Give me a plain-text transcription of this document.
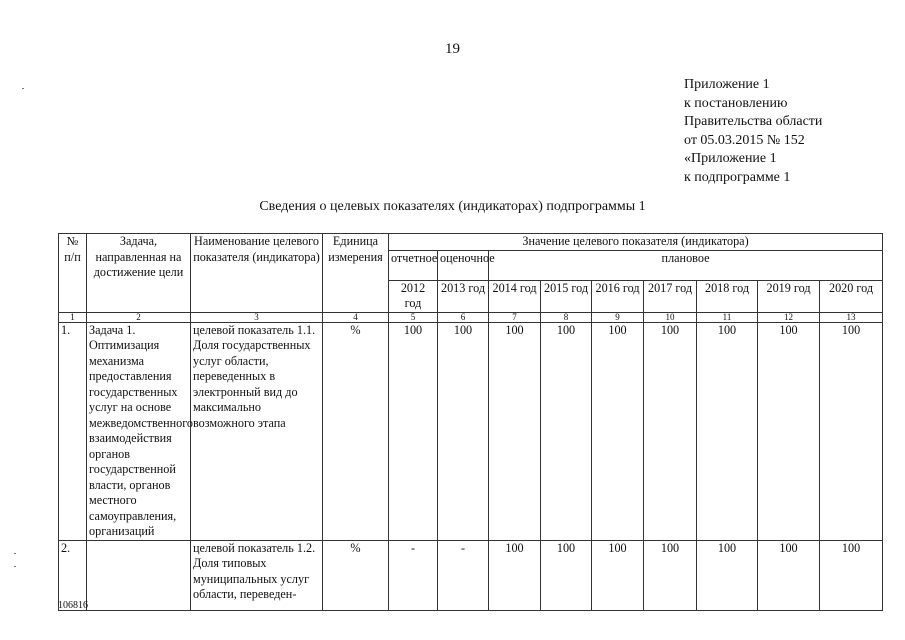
19
Приложение 1
к постановлению
Правительства области
от 05.03.2015 № 152
«Приложение 1
к подпрограмме 1
Сведения о целевых показателях (индикаторах) подпрограммы 1
№ п/п	Задача, направленная на достижение цели	Наименование целевого показателя (индикатора)	Единица измерения	Значение целевого показателя (индикатора)								
				отчетное	оценочное	плановое						
				2012 год	2013 год	2014 год	2015 год	2016 год	2017 год	2018 год	2019 год	2020 год
1	2	3	4	5	6	7	8	9	10	11	12	13
1.	Задача 1. Оптимизация механизма предоставления государственных услуг на основе межведомственного взаимодействия органов государственной власти, органов местного самоуправления, организаций	целевой показатель 1.1. Доля государственных услуг области, переведенных в электронный вид до максимально возможного этапа	%	100	100	100	100	100	100	100	100	100
2.		целевой показатель 1.2. Доля типовых муниципальных услуг области, переведен-	%	-	-	100	100	100	100	100	100	100
106816
